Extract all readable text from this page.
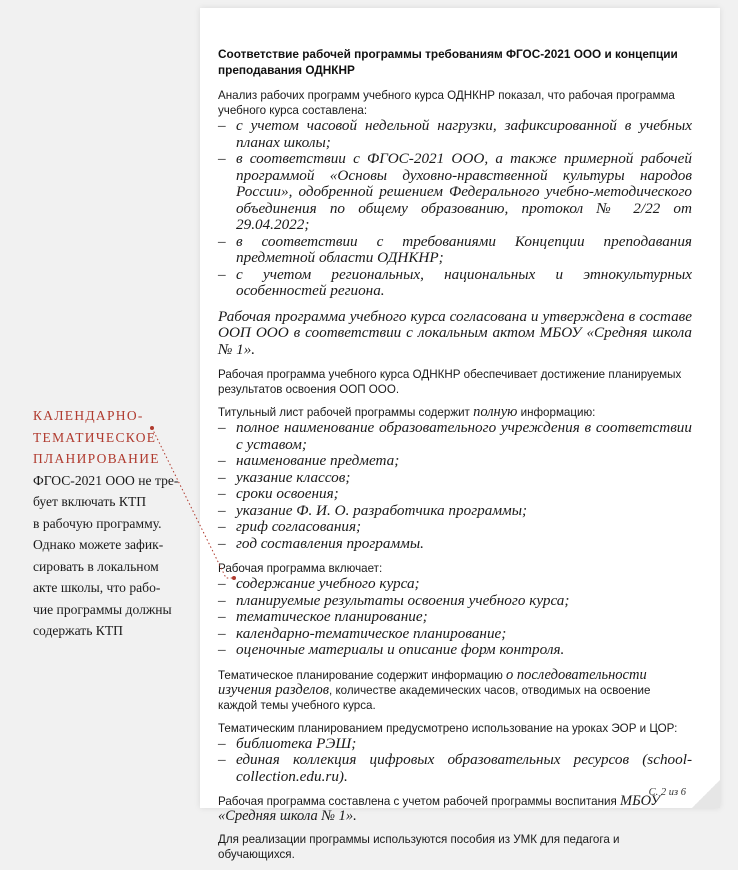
Соответствие рабочей программы требованиям ФГОС-2021 ООО и концепции преподавания ОДНКНР

Анализ рабочих программ учебного курса ОДНКНР показал, что рабочая программа учебного курса составлена:

– с учетом часовой недельной нагрузки, зафиксированной в учебных планах школы;
– в соответствии с ФГОС-2021 ООО, а также примерной рабочей программой «Основы духовно-нравственной культуры народов России», одобренной решением Федерального учебно-методического объединения по общему образованию, протокол № 2/22 от 29.04.2022;
– в соответствии с требованиями Концепции преподавания предметной области ОДНКНР;
– с учетом региональных, национальных и этнокультурных особенностей региона.

Рабочая программа учебного курса согласована и утверждена в составе ООП ООО в соответствии с локальным актом МБОУ «Средняя школа № 1».

Рабочая программа учебного курса ОДНКНР обеспечивает достижение планируемых результатов освоения ООП ООО.

Титульный лист рабочей программы содержит полную информацию:

– полное наименование образовательного учреждения в соответствии с уставом;
– наименование предмета;
– указание классов;
– сроки освоения;
– указание Ф. И. О. разработчика программы;
– гриф согласования;
– год составления программы.

Рабочая программа включает:

– содержание учебного курса;
– планируемые результаты освоения учебного курса;
– тематическое планирование;
– календарно-тематическое планирование;
– оценочные материалы и описание форм контроля.

Тематическое планирование содержит информацию о последовательности изучения разделов, количестве академических часов, отводимых на освоение каждой темы учебного курса.

Тематическим планированием предусмотрено использование на уроках ЭОР и ЦОР:

– библиотека РЭШ;
– единая коллекция цифровых образовательных ресурсов (school-collection.edu.ru).

Рабочая программа составлена с учетом рабочей программы воспитания МБОУ «Средняя школа № 1».

Для реализации программы используются пособия из УМК для педагога и обучающихся.

С. 2 из 6

КАЛЕНДАРНО-
ТЕМАТИЧЕСКОЕ
ПЛАНИРОВАНИЕ

ФГОС-2021 ООО не тре-
бует включать КТП
в рабочую программу.
Однако можете зафик-
сировать в локальном
акте школы, что рабо-
чие программы должны
содержать КТП
